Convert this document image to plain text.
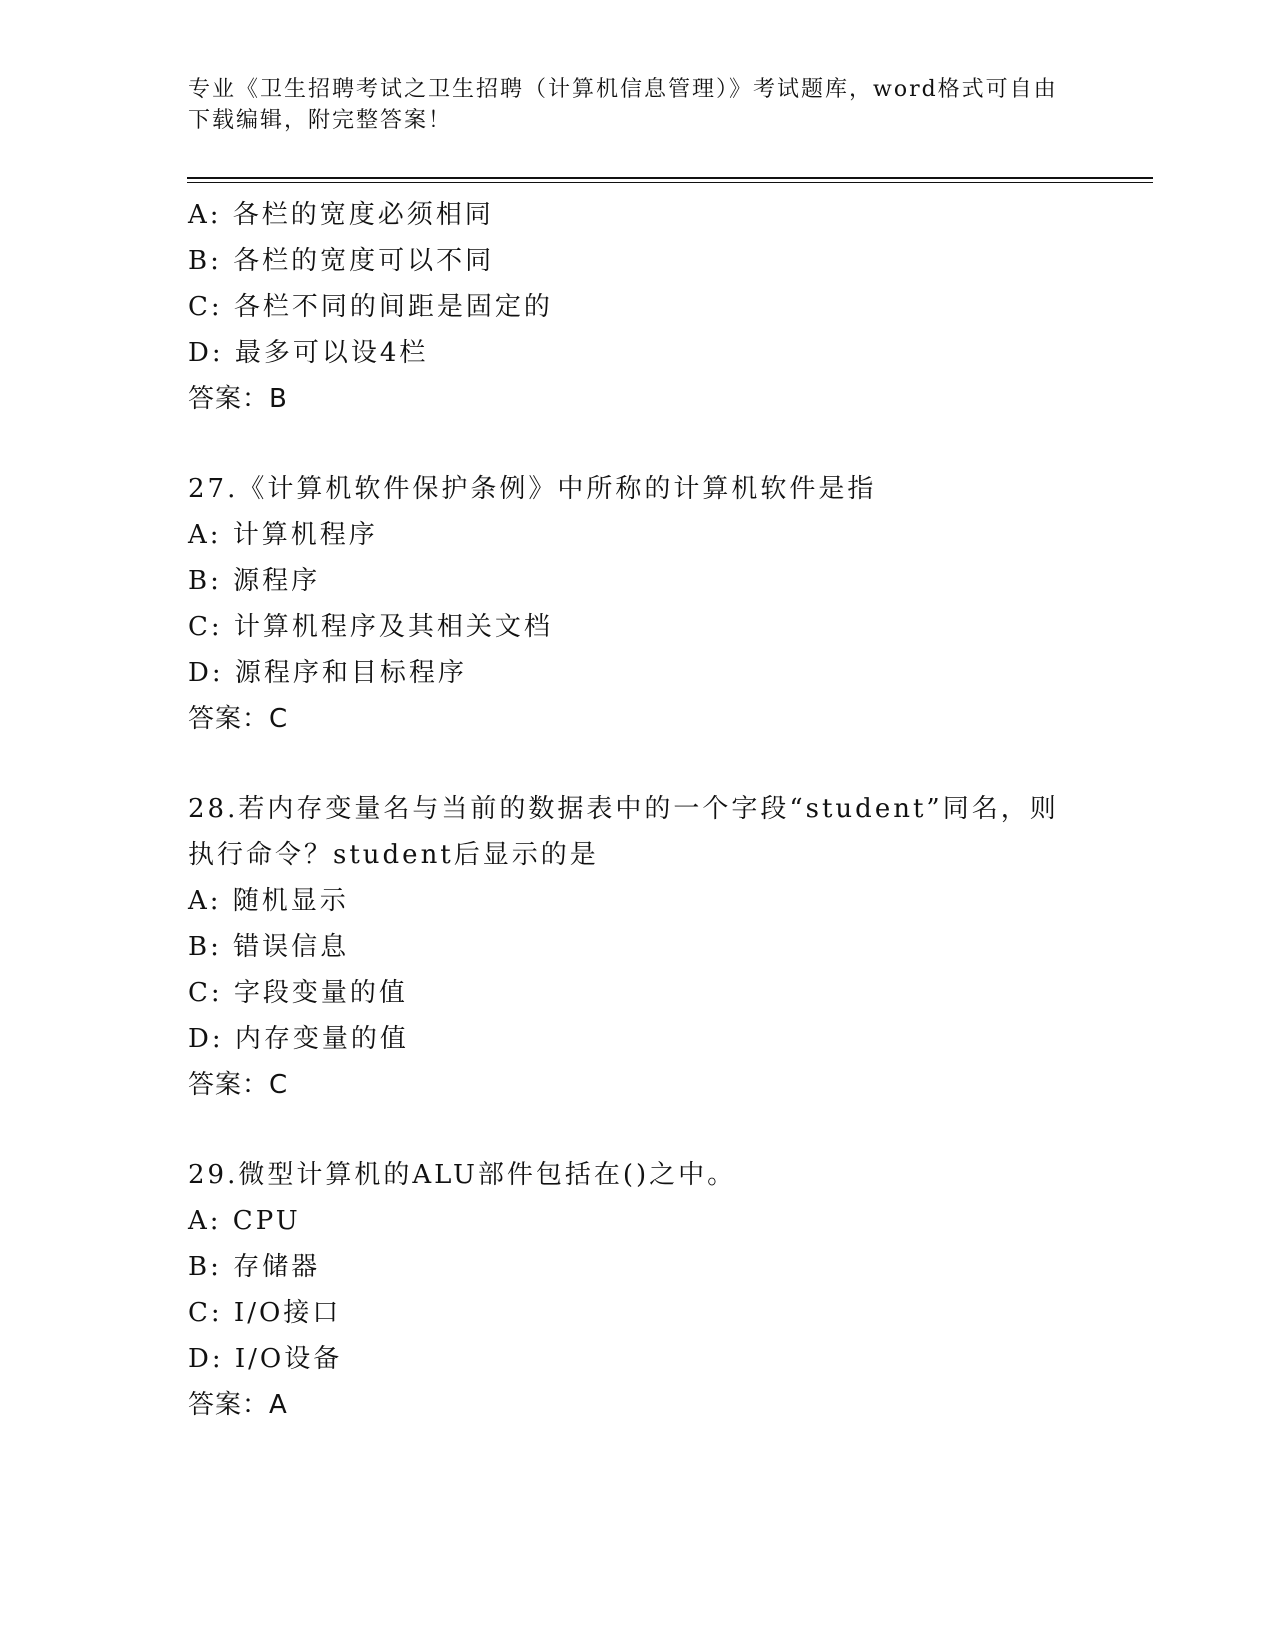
专业《卫生招聘考试之卫生招聘（计算机信息管理）》考试题库，word格式可自由下载编辑，附完整答案！
A: 各栏的宽度必须相同
B: 各栏的宽度可以不同
C: 各栏不同的间距是固定的
D: 最多可以设4栏
答案：B
27.《计算机软件保护条例》中所称的计算机软件是指
A: 计算机程序
B: 源程序
C: 计算机程序及其相关文档
D: 源程序和目标程序
答案：C
28.若内存变量名与当前的数据表中的一个字段“student”同名，则执行命令？student后显示的是
A: 随机显示
B: 错误信息
C: 字段变量的值
D: 内存变量的值
答案：C
29.微型计算机的ALU部件包括在()之中。
A: CPU
B: 存储器
C: I/O接口
D: I/O设备
答案：A
